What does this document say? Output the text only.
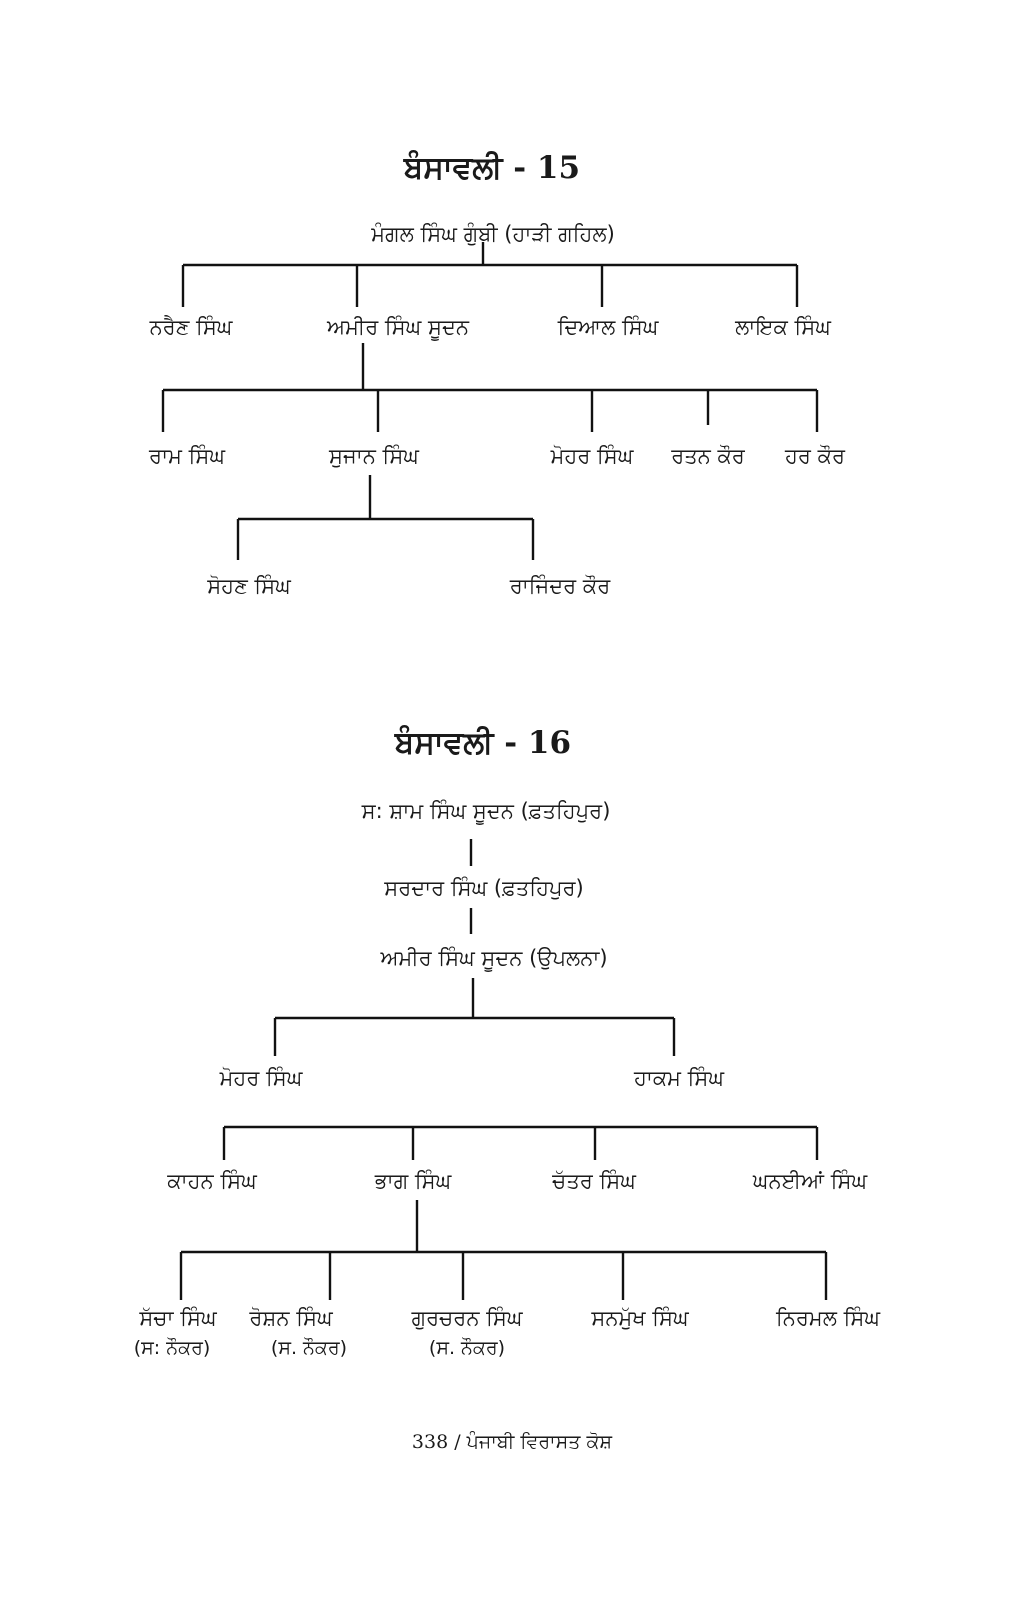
ਬੰਸਾਵਲੀ - 15
ਮੰਗਲ ਸਿੰਘ ਗੁੰਬੀ (ਹਾੜੀ ਗਹਿਲ)
ਨਰੈਣ ਸਿੰਘ	ਅਮੀਰ ਸਿੰਘ ਸੂਦਨ	ਦਿਆਲ ਸਿੰਘ	ਲਾਇਕ ਸਿੰਘ
ਰਾਮ ਸਿੰਘ	ਸੁਜਾਨ ਸਿੰਘ	ਮੋਹਰ ਸਿੰਘ ਰਤਨ ਕੌਰ ਹਰ ਕੌਰ
ਸੋਹਣ ਸਿੰਘ	ਰਾਜਿੰਦਰ ਕੌਰ
ਬੰਸਾਵਲੀ - 16
ਸ: ਸ਼ਾਮ ਸਿੰਘ ਸੂਦਨ (ਫ਼ਤਹਿਪੁਰ)
ਸਰਦਾਰ ਸਿੰਘ (ਫ਼ਤਹਿਪੁਰ)
ਅਮੀਰ ਸਿੰਘ ਸੂਦਨ (ਉਪਲਨਾ)
ਮੋਹਰ ਸਿੰਘ	ਹਾਕਮ ਸਿੰਘ
ਕਾਹਨ ਸਿੰਘ	ਭਾਗ ਸਿੰਘ	ਚੱਤਰ ਸਿੰਘ	ਘਨਈਆਂ ਸਿੰਘ
ਸੱਚਾ ਸਿੰਘ
(ਸ: ਨੌਕਰ)
ਰੋਸ਼ਨ ਸਿੰਘ
(ਸ. ਨੌਕਰ)
ਗੁਰਚਰਨ ਸਿੰਘ
(ਸ. ਨੌਕਰ)
ਸਨਮੁੱਖ ਸਿੰਘ	ਨਿਰਮਲ ਸਿੰਘ
338 / ਪੰਜਾਬੀ ਵਿਰਾਸਤ ਕੋਸ਼
